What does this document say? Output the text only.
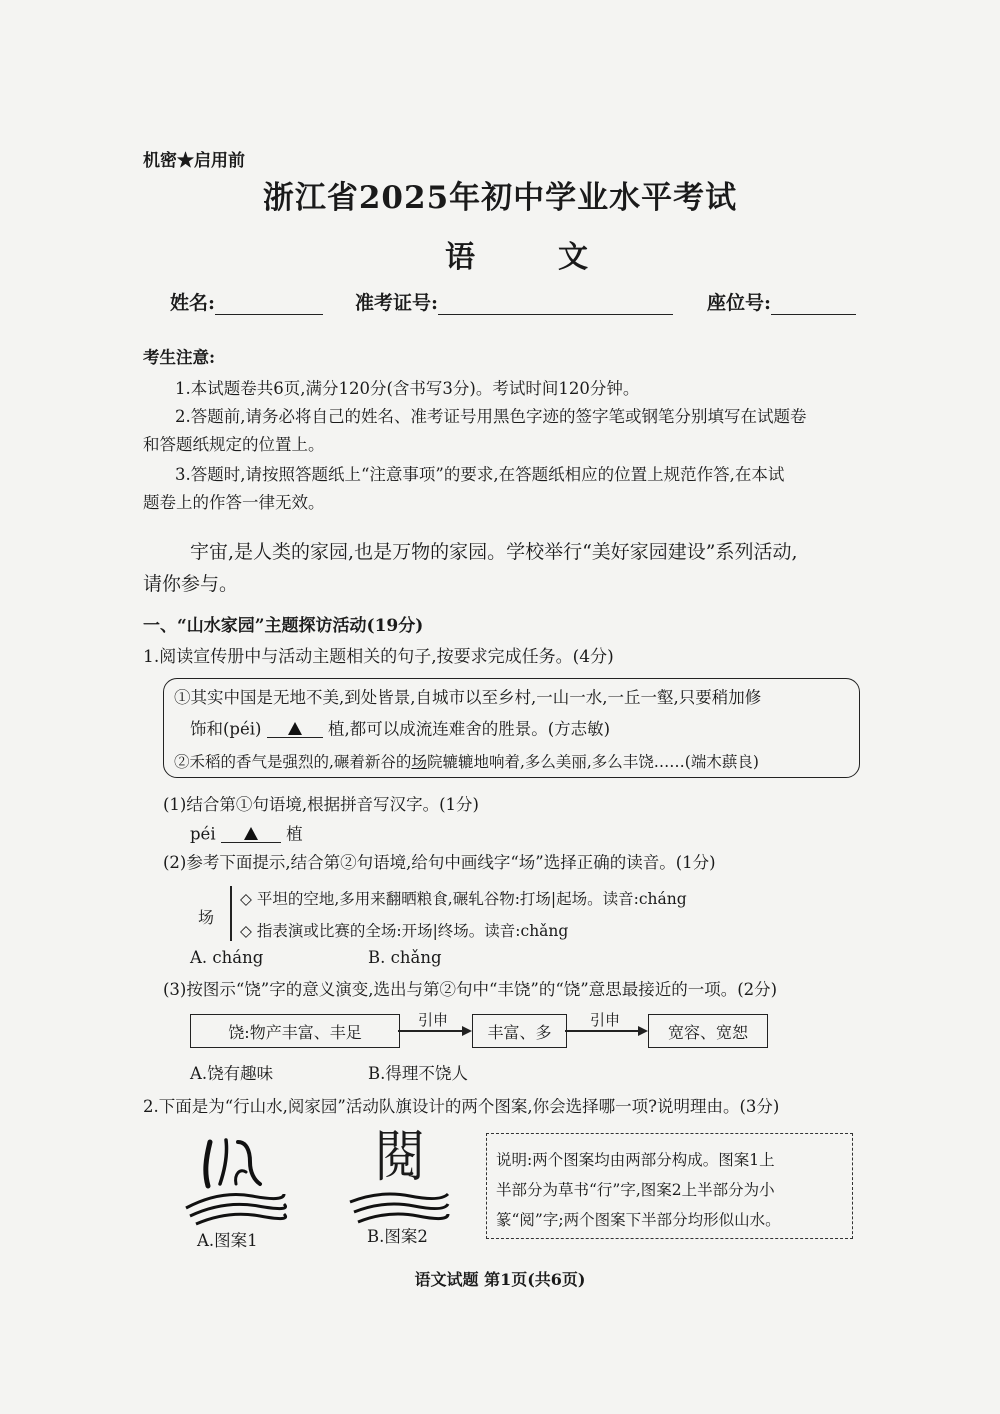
机密★启用前
浙江省2025年初中学业水平考试
语	文
姓名:	准考证号:	座位号:
考生注意:
1.本试题卷共6页,满分120分(含书写3分)。考试时间120分钟。
2.答题前,请务必将自己的姓名、准考证号用黑色字迹的签字笔或钢笔分别填写在试题卷
和答题纸规定的位置上。
3.答题时,请按照答题纸上“注意事项”的要求,在答题纸相应的位置上规范作答,在本试
题卷上的作答一律无效。
宇宙,是人类的家园,也是万物的家园。学校举行“美好家园建设”系列活动,
请你参与。
一、“山水家园”主题探访活动(19分)
1.阅读宣传册中与活动主题相关的句子,按要求完成任务。(4分)
①其实中国是无地不美,到处皆景,自城市以至乡村,一山一水,一丘一壑,只要稍加修
饰和(péi)	植,都可以成流连难舍的胜景。(方志敏)
②禾稻的香气是强烈的,碾着新谷的场院辘辘地响着,多么美丽,多么丰饶……(端木蕻良)
(1)结合第①句语境,根据拼音写汉字。(1分)
péi	植
(2)参考下面提示,结合第②句语境,给句中画线字“场”选择正确的读音。(1分)
场
◇ 平坦的空地,多用来翻晒粮食,碾轧谷物:打场|起场。读音:cháng
◇ 指表演或比赛的全场:开场|终场。读音:chǎng
A. cháng	B. chǎng
(3)按图示“饶”字的意义演变,选出与第②句中“丰饶”的“饶”意思最接近的一项。(2分)
饶:物产丰富、丰足
引申
丰富、多
引申
宽容、宽恕
A.饶有趣味	B.得理不饶人
2.下面是为“行山水,阅家园”活动队旗设计的两个图案,你会选择哪一项?说明理由。(3分)
A.图案1
閱
B.图案2
说明:两个图案均由两部分构成。图案1上
半部分为草书“行”字,图案2上半部分为小
篆“阅”字;两个图案下半部分均形似山水。
语文试题 第1页(共6页)
